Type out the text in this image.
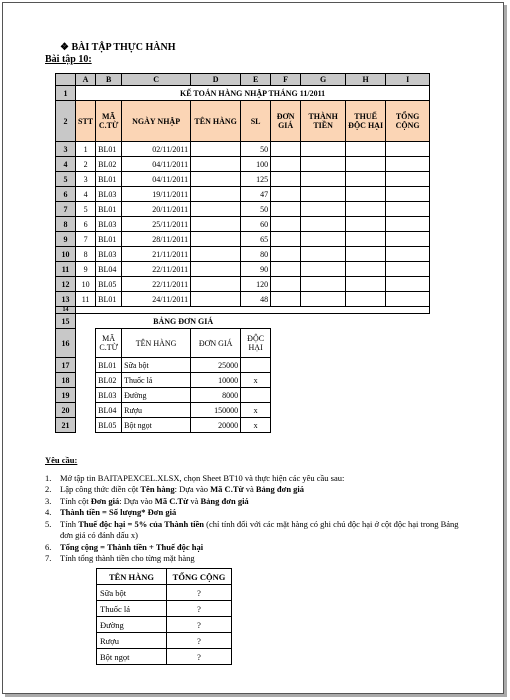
❖ BÀI TẬP THỰC HÀNH
Bài tập 10:
	A	B	C	D	E	F	G	H	I
1	KẾ TOÁN HÀNG NHẬP THÁNG 11/2011								
2	STT	MÃ C.TỪ	NGÀY NHẬP	TÊN HÀNG	SL	ĐƠN GIÁ	THÀNH TIỀN	THUẾ ĐỘC HẠI	TỔNG CỘNG
3	1	BL01	02/11/2011		50				
4	2	BL02	04/11/2011		100				
5	3	BL01	04/11/2011		125				
6	4	BL03	19/11/2011		47				
7	5	BL01	20/11/2011		50				
8	6	BL03	25/11/2011		60				
9	7	BL01	28/11/2011		65				
10	8	BL03	21/11/2011		80				
11	9	BL04	22/11/2011		90				
12	10	BL05	22/11/2011		120				
13	11	BL01	24/11/2011		48				
14									
15		BẢNG ĐƠN GIÁ							
16		MÃ C.TỪ	TÊN HÀNG	ĐƠN GIÁ	ĐỘC HẠI				
17		BL01	Sữa bột	25000					
18		BL02	Thuốc lá	10000	x				
19		BL03	Đường	8000					
20		BL04	Rượu	150000	x				
21		BL05	Bột ngọt	20000	x				
Yêu cầu:
1.	Mở tập tin BAITAPEXCEL.XLSX, chọn Sheet BT10 và thực hiện các yêu cầu sau:
2.	Lập công thức điền cột Tên hàng: Dựa vào Mã C.Từ và Bảng đơn giá
3.	Tính cột Đơn giá: Dựa vào Mã C.Từ và Bảng đơn giá
4.	Thành tiền = Số lượng* Đơn giá
5.	Tính Thuế độc hại = 5% của Thành tiền (chỉ tính đối với các mặt hàng có ghi chú độc hại ở cột độc hại trong Bảng đơn giá có đánh dấu x)
6.	Tổng cộng = Thành tiền + Thuế độc hại
7.	Tính tổng thành tiền cho từng mặt hàng
TÊN HÀNG	TỔNG CỘNG
Sữa bột	?
Thuốc lá	?
Đường	?
Rượu	?
Bột ngọt	?
